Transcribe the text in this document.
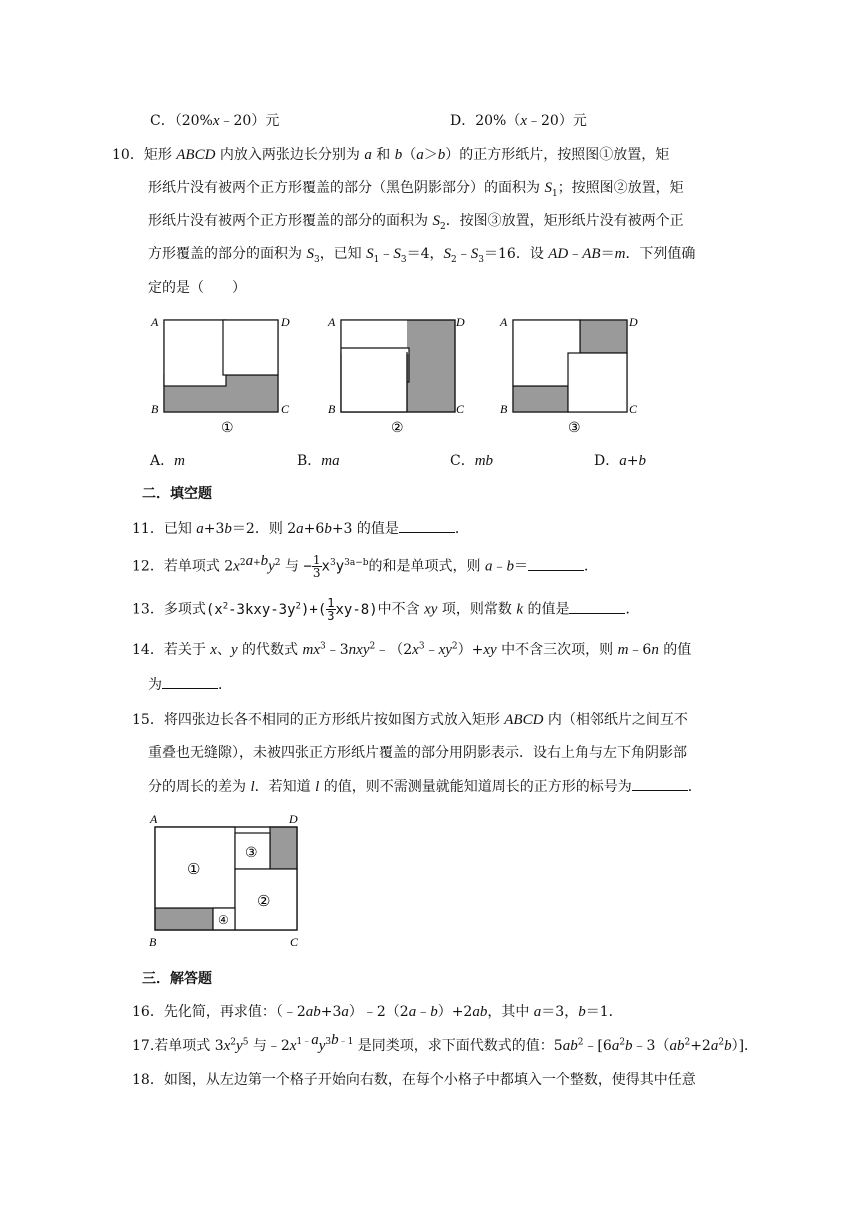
C．（20%x﹣20）元	D．20%（x﹣20）元
10．矩形 ABCD 内放入两张边长分别为 a 和 b（a＞b）的正方形纸片，按照图①放置，矩
形纸片没有被两个正方形覆盖的部分（黑色阴影部分）的面积为 $S_1$；按照图②放置，矩
形纸片没有被两个正方形覆盖的部分的面积为 $S_2$．按图③放置，矩形纸片没有被两个正
方形覆盖的部分的面积为 $S_3$，已知 $S_1﹣S_3=4$，$S_2﹣S_3=16$．设 AD﹣AB＝m．下列值确
定的是（　　）
A
B
D
C
①
A
B
D
C
②
A
B
D
C
③
A．m	B．ma	C．mb	D．a+b
二．填空题
11．已知 a+3b＝2．则 2a+6b+3 的值是	．
12．若单项式 $2x^{2a+b}y^2$ 与 − $\frac{1}{3} x^3y^{3a-b}$的和是单项式，则 a﹣b＝	．
13．多项式$(x^2-3kxy-3y^2)+( \frac{1}{3} xy-8)$中不含 xy 项，则常数 k 的值是	．
14．若关于 x、y 的代数式 $mx^3﹣3nxy^2﹣(2x^3﹣xy^2)+xy$ 中不含三次项，则 m﹣6n 的值
为	．
15．将四张边长各不相同的正方形纸片按如图方式放入矩形 ABCD 内（相邻纸片之间互不
重叠也无缝隙），未被四张正方形纸片覆盖的部分用阴影表示．设右上角与左下角阴影部
分的周长的差为 l．若知道 l 的值，则不需测量就能知道周长的正方形的标号为	．
A	D
B	C
①
③
②
④
三．解答题
16．先化简，再求值：（﹣2ab+3a）﹣2（2a﹣b）+2ab，其中 a＝3，b＝1．
17.若单项式 $3x^2y^5$ 与$﹣2x^{1﹣a}y^{3b﹣1}$ 是同类项，求下面代数式的值：$5ab^2﹣[6a^2b﹣3(ab^2+2a^2b)]$．
18．如图，从左边第一个格子开始向右数，在每个小格子中都填入一个整数，使得其中任意
